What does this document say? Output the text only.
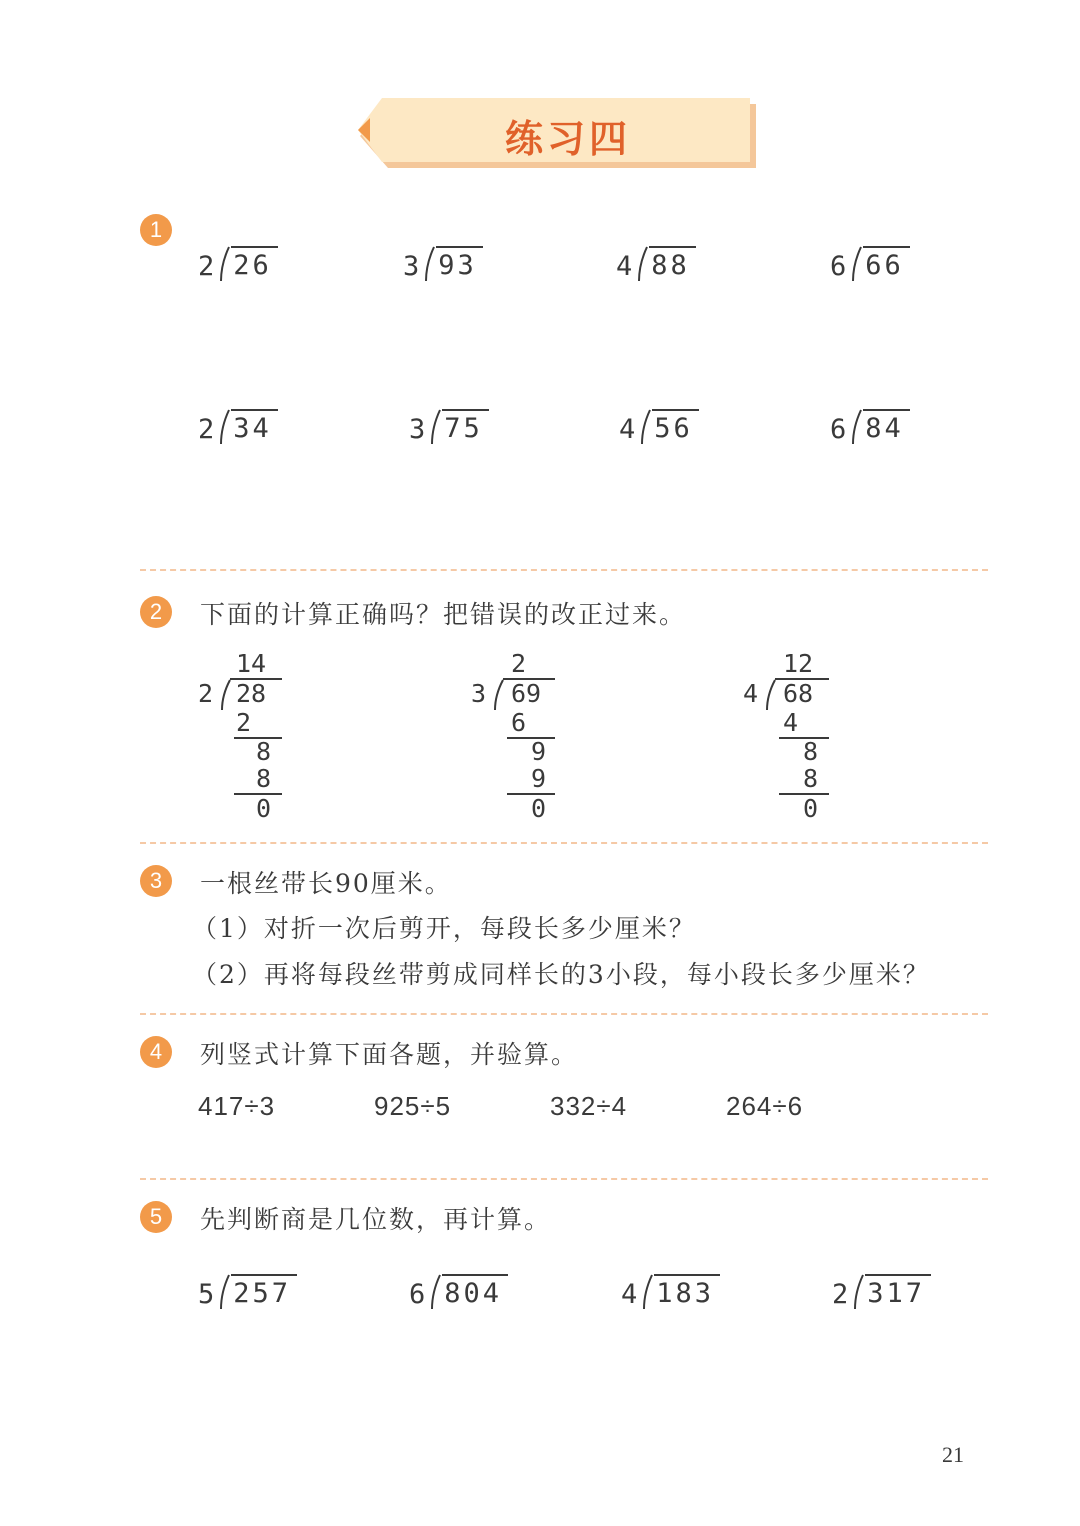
练习四
1
2 26	3 93	4 88	6 66
2 34	3 75	4 56	6 84
2	下面的计算正确吗？把错误的改正过来。
14
2 28
2
8
8
0
2
3 69
6
9
9
0
12
4 68
4
8
8
0
3	一根丝带长90厘米。
（1）对折一次后剪开，每段长多少厘米？
（2）再将每段丝带剪成同样长的3小段，每小段长多少厘米？
4	列竖式计算下面各题，并验算。
417÷3	925÷5	332÷4	264÷6
5	先判断商是几位数，再计算。
5 257	6 804	4 183	2 317
21
